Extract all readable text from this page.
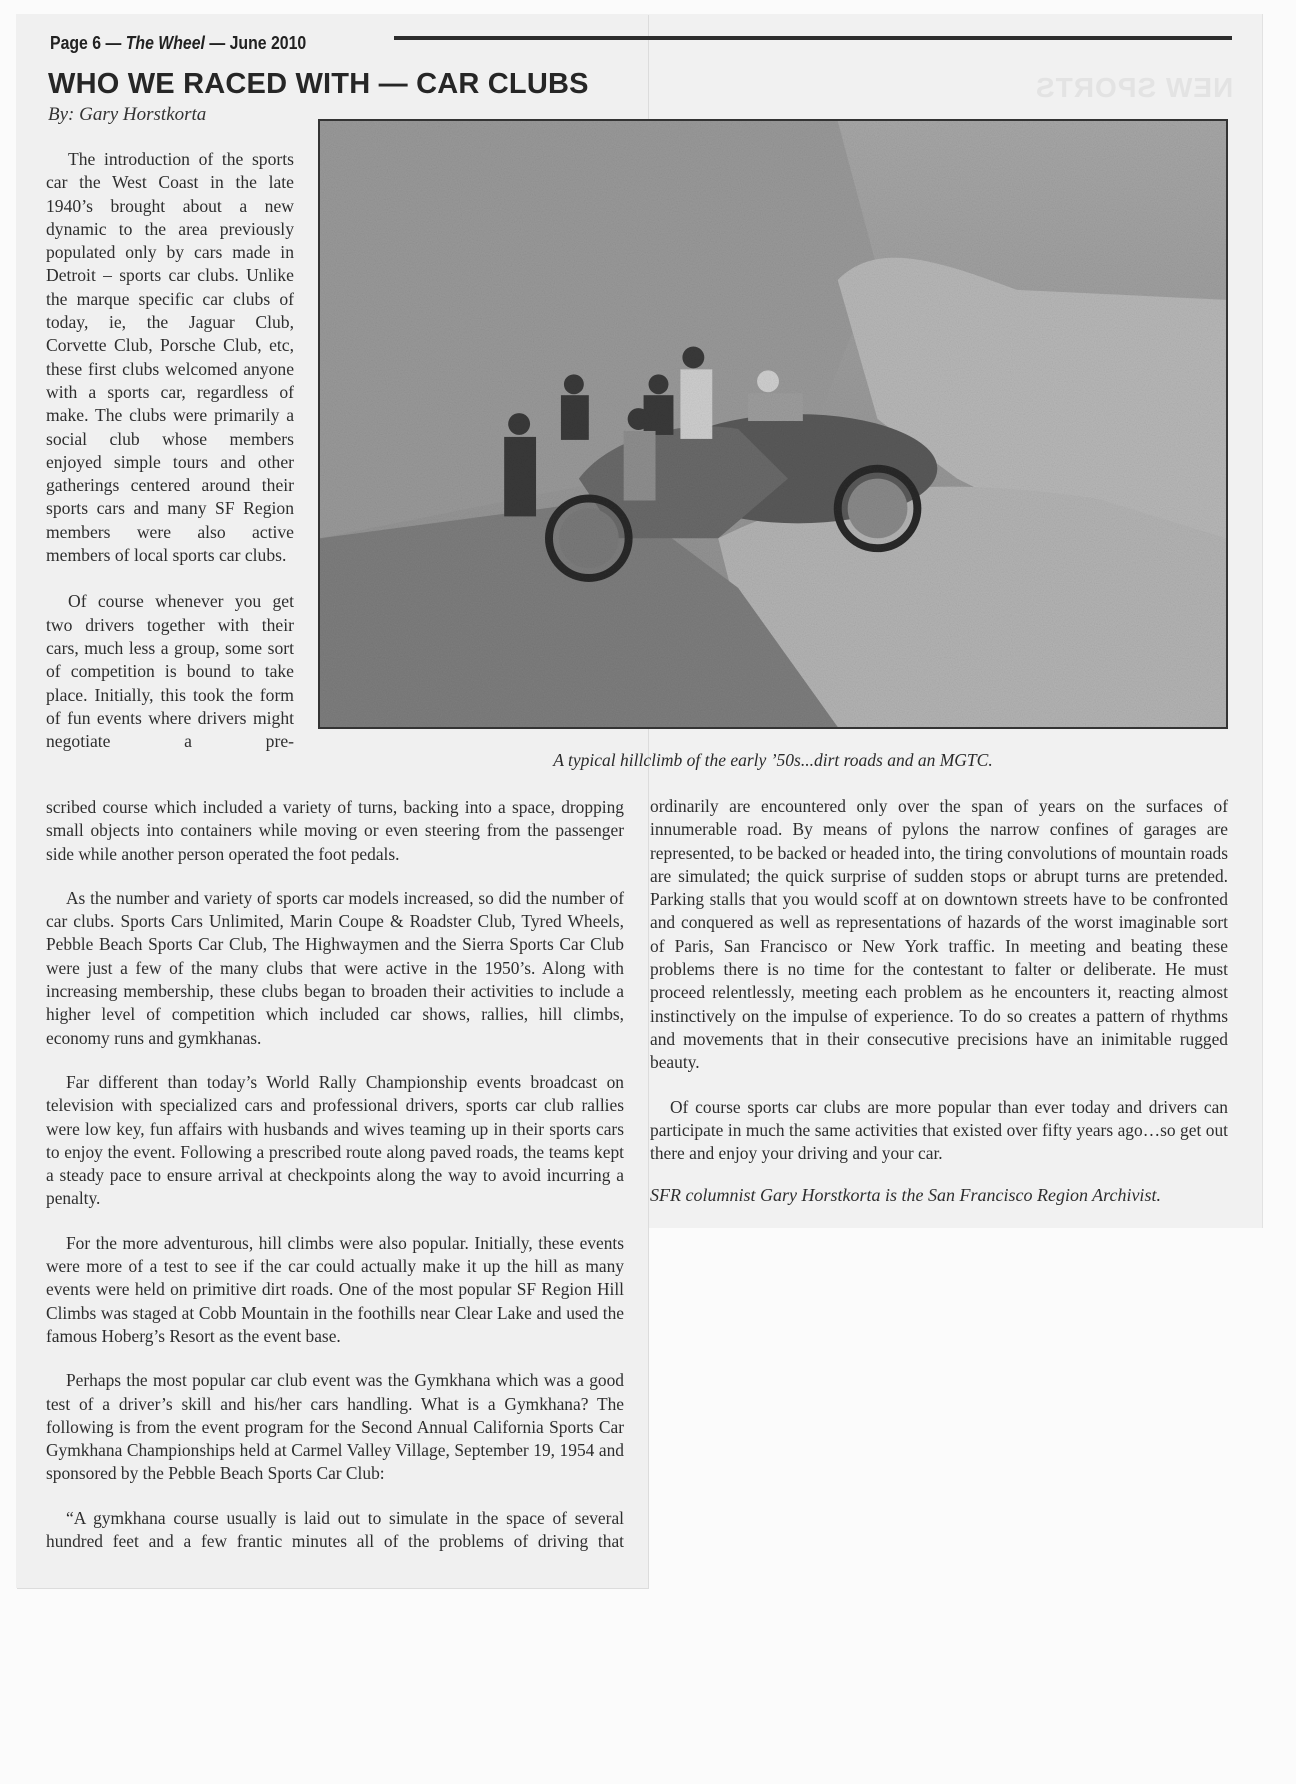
NEW SPORTS
Page 6 — The Wheel — June 2010
WHO WE RACED WITH — CAR CLUBS
By: Gary Horstkorta
A typical hillclimb of the early ’50s...dirt roads and an MGTC.

The introduction of the sports car the West Coast in the late 1940’s brought about a new dynamic to the area previously populated only by cars made in Detroit – sports car clubs. Unlike the marque specific car clubs of today, ie, the Jaguar Club, Corvette Club, Porsche Club, etc, these first clubs welcomed anyone with a sports car, regardless of make. The clubs were primarily a social club whose members enjoyed simple tours and other gatherings centered around their sports cars and many SF Region members were also active members of local sports car clubs.

Of course whenever you get two drivers together with their cars, much less a group, some sort of competition is bound to take place. Initially, this took the form of fun events where drivers might negotiate a pre-

scribed course which included a variety of turns, backing into a space, dropping small objects into containers while moving or even steering from the passenger side while another person operated the foot pedals.

As the number and variety of sports car models increased, so did the number of car clubs. Sports Cars Unlimited, Marin Coupe & Roadster Club, Tyred Wheels, Pebble Beach Sports Car Club, The Highwaymen and the Sierra Sports Car Club were just a few of the many clubs that were active in the 1950’s. Along with increasing membership, these clubs began to broaden their activities to include a higher level of competition which included car shows, rallies, hill climbs, economy runs and gymkhanas.

Far different than today’s World Rally Championship events broadcast on television with specialized cars and professional drivers, sports car club rallies were low key, fun affairs with husbands and wives teaming up in their sports cars to enjoy the event. Following a prescribed route along paved roads, the teams kept a steady pace to ensure arrival at checkpoints along the way to avoid incurring a penalty.

For the more adventurous, hill climbs were also popular. Initially, these events were more of a test to see if the car could actually make it up the hill as many events were held on primitive dirt roads. One of the most popular SF Region Hill Climbs was staged at Cobb Mountain in the foothills near Clear Lake and used the famous Hoberg’s Resort as the event base.

Perhaps the most popular car club event was the Gymkhana which was a good test of a driver’s skill and his/her cars handling. What is a Gymkhana? The following is from the event program for the Second Annual California Sports Car Gymkhana Championships held at Carmel Valley Village, September 19, 1954 and sponsored by the Pebble Beach Sports Car Club:

“A gymkhana course usually is laid out to simulate in the space of several hundred feet and a few frantic minutes all of the problems of driving that

ordinarily are encountered only over the span of years on the surfaces of innumerable road. By means of pylons the narrow confines of garages are represented, to be backed or headed into, the tiring convolutions of mountain roads are simulated; the quick surprise of sudden stops or abrupt turns are pretended. Parking stalls that you would scoff at on downtown streets have to be confronted and conquered as well as representations of hazards of the worst imaginable sort of Paris, San Francisco or New York traffic. In meeting and beating these problems there is no time for the contestant to falter or deliberate. He must proceed relentlessly, meeting each problem as he encounters it, reacting almost instinctively on the impulse of experience. To do so creates a pattern of rhythms and movements that in their consecutive precisions have an inimitable rugged beauty.

Of course sports car clubs are more popular than ever today and drivers can participate in much the same activities that existed over fifty years ago…so get out there and enjoy your driving and your car.

SFR columnist Gary Horstkorta is the San Francisco Region Archivist.
